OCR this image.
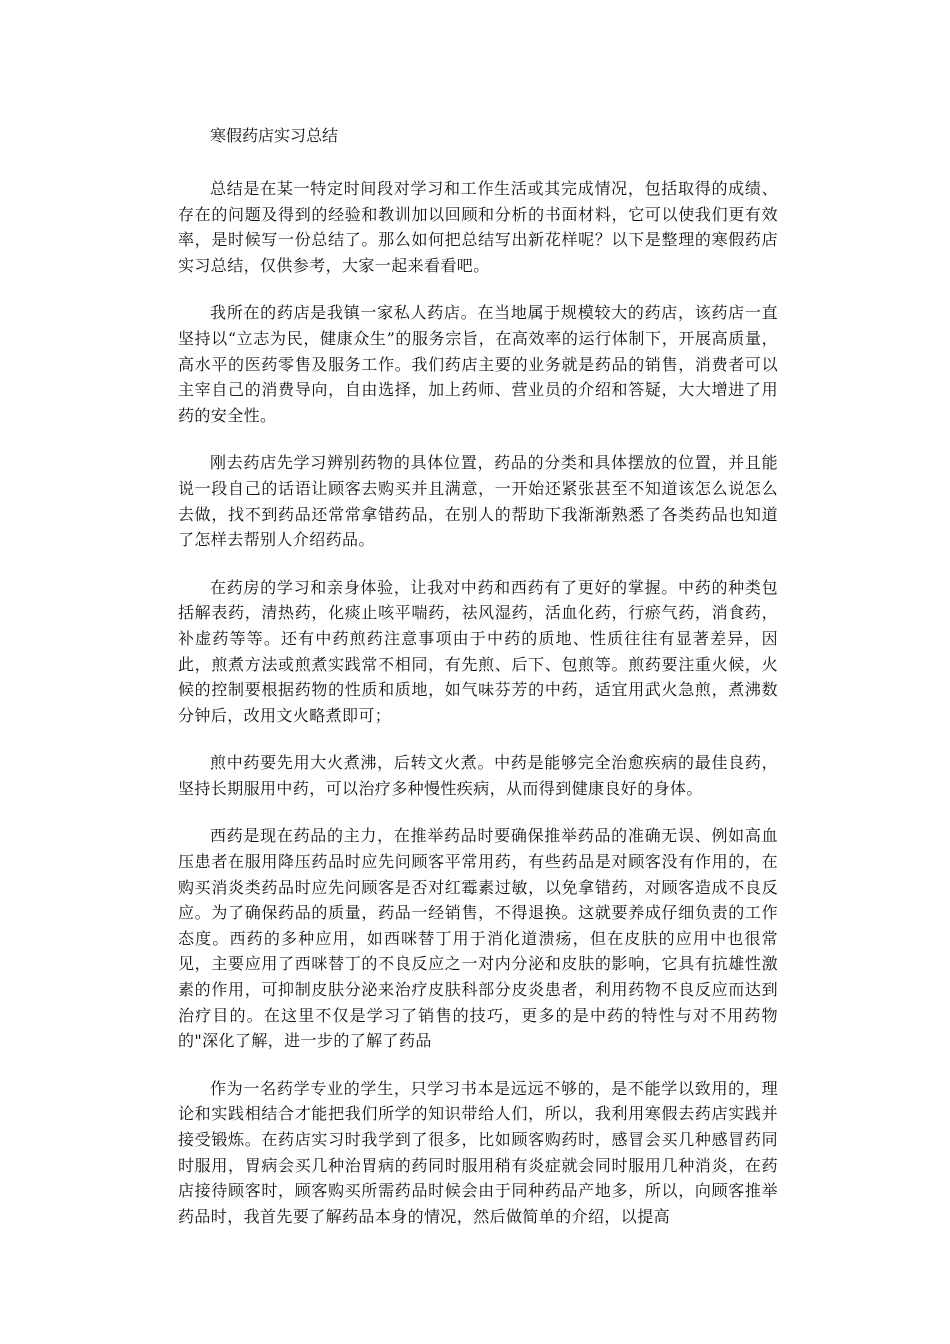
寒假药店实习总结

总结是在某一特定时间段对学习和工作生活或其完成情况，包括取得的成绩、存在的问题及得到的经验和教训加以回顾和分析的书面材料，它可以使我们更有效率，是时候写一份总结了。那么如何把总结写出新花样呢？以下是整理的寒假药店实习总结，仅供参考，大家一起来看看吧。

我所在的药店是我镇一家私人药店。在当地属于规模较大的药店，该药店一直坚持以“立志为民，健康众生”的服务宗旨，在高效率的运行体制下，开展高质量，高水平的医药零售及服务工作。我们药店主要的业务就是药品的销售，消费者可以主宰自己的消费导向，自由选择，加上药师、营业员的介绍和答疑，大大增进了用药的安全性。

刚去药店先学习辨别药物的具体位置，药品的分类和具体摆放的位置，并且能说一段自己的话语让顾客去购买并且满意，一开始还紧张甚至不知道该怎么说怎么去做，找不到药品还常常拿错药品，在别人的帮助下我渐渐熟悉了各类药品也知道了怎样去帮别人介绍药品。

在药房的学习和亲身体验，让我对中药和西药有了更好的掌握。中药的种类包括解表药，清热药，化痰止咳平喘药，祛风湿药，活血化药，行瘀气药，消食药，补虚药等等。还有中药煎药注意事项由于中药的质地、性质往往有显著差异，因此，煎煮方法或煎煮实践常不相同，有先煎、后下、包煎等。煎药要注重火候，火候的控制要根据药物的性质和质地，如气味芬芳的中药，适宜用武火急煎，煮沸数分钟后，改用文火略煮即可；

煎中药要先用大火煮沸，后转文火煮。中药是能够完全治愈疾病的最佳良药，坚持长期服用中药，可以治疗多种慢性疾病，从而得到健康良好的身体。

西药是现在药品的主力，在推举药品时要确保推举药品的准确无误、例如高血压患者在服用降压药品时应先问顾客平常用药，有些药品是对顾客没有作用的，在购买消炎类药品时应先问顾客是否对红霉素过敏，以免拿错药，对顾客造成不良反应。为了确保药品的质量，药品一经销售，不得退换。这就要养成仔细负责的工作态度。西药的多种应用，如西咪替丁用于消化道溃疡，但在皮肤的应用中也很常见，主要应用了西咪替丁的不良反应之一对内分泌和皮肤的影响，它具有抗雄性激素的作用，可抑制皮肤分泌来治疗皮肤科部分皮炎患者，利用药物不良反应而达到治疗目的。在这里不仅是学习了销售的技巧，更多的是中药的特性与对不用药物的"深化了解，进一步的了解了药品

作为一名药学专业的学生，只学习书本是远远不够的，是不能学以致用的，理论和实践相结合才能把我们所学的知识带给人们，所以，我利用寒假去药店实践并接受锻炼。在药店实习时我学到了很多，比如顾客购药时，感冒会买几种感冒药同时服用，胃病会买几种治胃病的药同时服用稍有炎症就会同时服用几种消炎，在药店接待顾客时，顾客购买所需药品时候会由于同种药品产地多，所以，向顾客推举药品时，我首先要了解药品本身的情况，然后做简单的介绍，以提高
